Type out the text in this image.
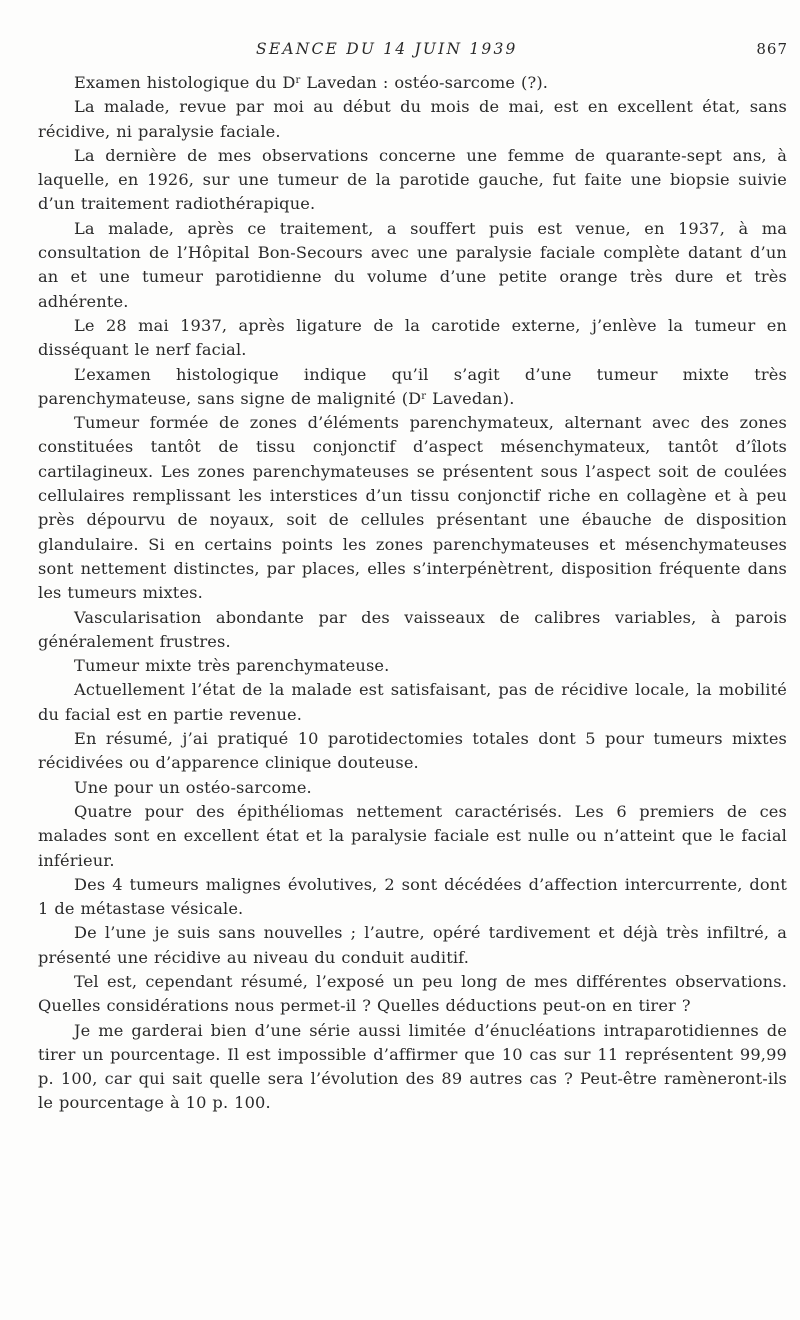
SEANCE DU 14 JUIN 1939	867

Examen histologique du $D^r$ Lavedan : ostéo-sarcome (?).

La malade, revue par moi au début du mois de mai, est en excellent état, sans récidive, ni paralysie faciale.

La dernière de mes observations concerne une femme de quarante-sept ans, à laquelle, en 1926, sur une tumeur de la parotide gauche, fut faite une biopsie suivie d’un traitement radiothérapique.

La malade, après ce traitement, a souffert puis est venue, en 1937, à ma consultation de l’Hôpital Bon-Secours avec une paralysie faciale complète datant d’un an et une tumeur parotidienne du volume d’une petite orange très dure et très adhérente.

Le 28 mai 1937, après ligature de la carotide externe, j’enlève la tumeur en disséquant le nerf facial.

L’examen histologique indique qu’il s’agit d’une tumeur mixte très parenchymateuse, sans signe de malignité ($D^r$ Lavedan).

Tumeur formée de zones d’éléments parenchymateux, alternant avec des zones constituées tantôt de tissu conjonctif d’aspect mésenchymateux, tantôt d’îlots cartilagineux. Les zones parenchymateuses se présentent sous l’aspect soit de coulées cellulaires remplissant les interstices d’un tissu conjonctif riche en collagène et à peu près dépourvu de noyaux, soit de cellules présentant une ébauche de disposition glandulaire. Si en certains points les zones parenchymateuses et mésenchymateuses sont nettement distinctes, par places, elles s’interpénètrent, disposition fréquente dans les tumeurs mixtes.

Vascularisation abondante par des vaisseaux de calibres variables, à parois généralement frustres.

Tumeur mixte très parenchymateuse.

Actuellement l’état de la malade est satisfaisant, pas de récidive locale, la mobilité du facial est en partie revenue.

En résumé, j’ai pratiqué 10 parotidectomies totales dont 5 pour tumeurs mixtes récidivées ou d’apparence clinique douteuse.

Une pour un ostéo-sarcome.

Quatre pour des épithéliomas nettement caractérisés. Les 6 premiers de ces malades sont en excellent état et la paralysie faciale est nulle ou n’atteint que le facial inférieur.

Des 4 tumeurs malignes évolutives, 2 sont décédées d’affection intercurrente, dont 1 de métastase vésicale.

De l’une je suis sans nouvelles ; l’autre, opéré tardivement et déjà très infiltré, a présenté une récidive au niveau du conduit auditif.

Tel est, cependant résumé, l’exposé un peu long de mes différentes observations. Quelles considérations nous permet-il ? Quelles déductions peut-on en tirer ?

Je me garderai bien d’une série aussi limitée d’énucléations intraparotidiennes de tirer un pourcentage. Il est impossible d’affirmer que 10 cas sur 11 représentent 99,99 p. 100, car qui sait quelle sera l’évolution des 89 autres cas ? Peut-être ramèneront-ils le pourcentage à 10 p. 100.
